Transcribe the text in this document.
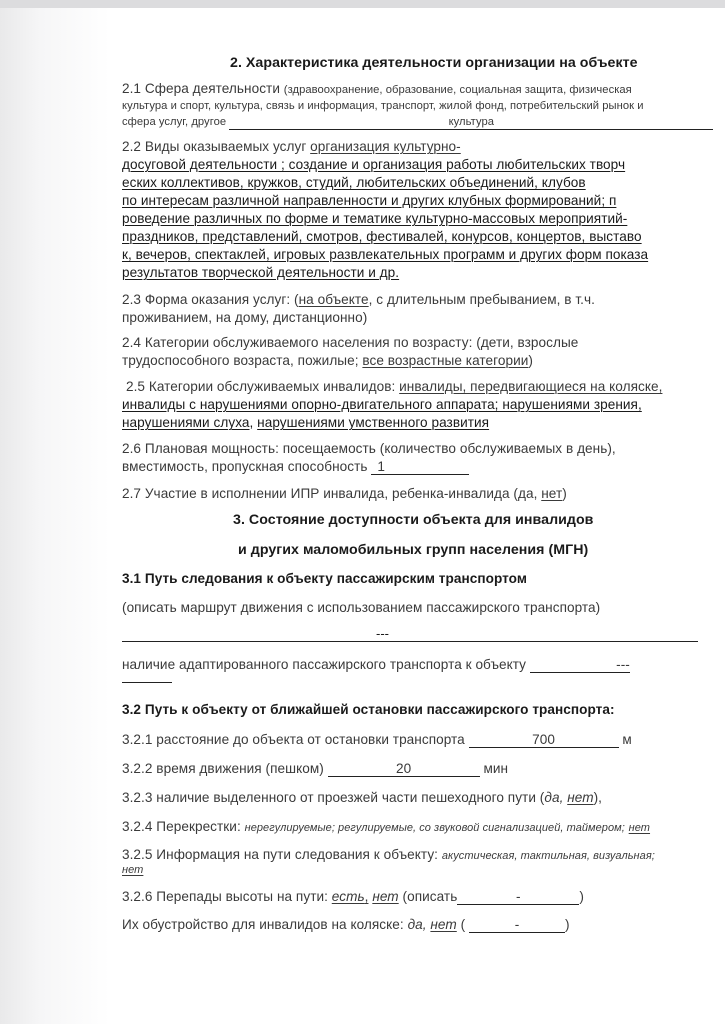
2. Характеристика деятельности организации на объекте
2.1 Сфера деятельности (здравоохранение, образование, социальная защита, физическая
культура и спорт, культура, связь и информация, транспорт, жилой фонд, потребительский рынок и
сфера услуг, другое	культура
2.2 Виды оказываемых услуг организация культурно-
досуговой деятельности ; создание и организация работы любительских творч
еских коллективов, кружков, студий, любительских объединений, клубов
по интересам различной направленности и других клубных формирований; п
роведение различных по форме и тематике культурно-массовых мероприятий-
праздников, представлений, смотров, фестивалей, конурсов, концертов, выставо
к, вечеров, спектаклей, игровых развлекательных программ и других форм показа
результатов творческой деятельности и др.
2.3 Форма оказания услуг: (на объекте, с длительным пребыванием, в т.ч.
проживанием, на дому, дистанционно)
2.4 Категории обслуживаемого населения по возрасту: (дети, взрослые
трудоспособного возраста, пожилые; все возрастные категории)
2.5 Категории обслуживаемых инвалидов: инвалиды, передвигающиеся на коляске,
инвалиды с нарушениями опорно-двигательного аппарата; нарушениями зрения,
нарушениями слуха, нарушениями умственного развития
2.6 Плановая мощность: посещаемость (количество обслуживаемых в день),
вместимость, пропускная способность 1
2.7 Участие в исполнении ИПР инвалида, ребенка-инвалида (да, нет)
3. Состояние доступности объекта для инвалидов
и других маломобильных групп населения (МГН)
3.1 Путь следования к объекту пассажирским транспортом
(описать маршрут движения с использованием пассажирского транспорта)
---
наличие адаптированного пассажирского транспорта к объекту	---
3.2 Путь к объекту от ближайшей остановки пассажирского транспорта:
3.2.1 расстояние до объекта от остановки транспорта	700	м
3.2.2 время движения (пешком)	20	мин
3.2.3 наличие выделенного от проезжей части пешеходного пути (да, нет),
3.2.4 Перекрестки: нерегулируемые; регулируемые, со звуковой сигнализацией, таймером; нет
3.2.5 Информация на пути следования к объекту: акустическая, тактильная, визуальная;
нет
3.2.6 Перепады высоты на пути: есть, нет (описать	-	)
Их обустройство для инвалидов на коляске: да, нет (	-	)
